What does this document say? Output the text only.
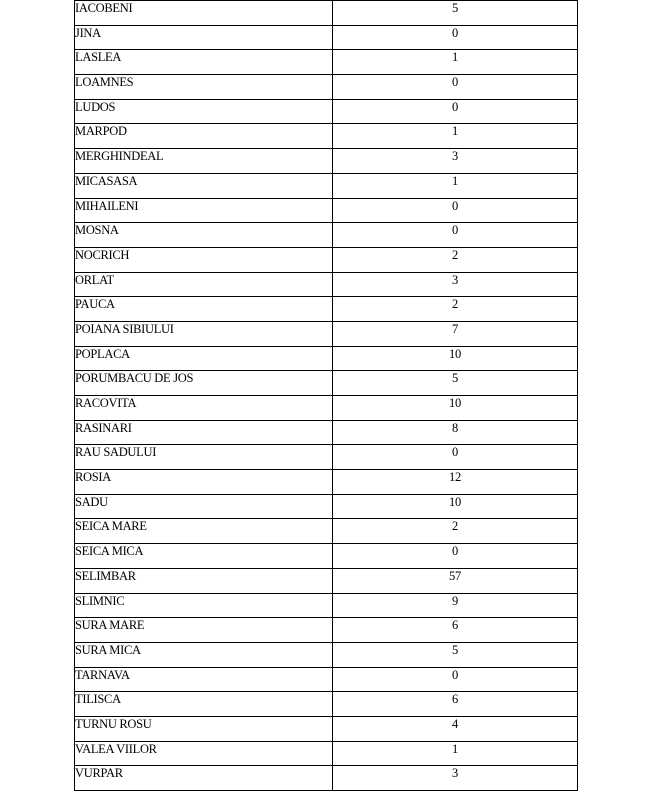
IACOBENI	5
JINA	0
LASLEA	1
LOAMNES	0
LUDOS	0
MARPOD	1
MERGHINDEAL	3
MICASASA	1
MIHAILENI	0
MOSNA	0
NOCRICH	2
ORLAT	3
PAUCA	2
POIANA SIBIULUI	7
POPLACA	10
PORUMBACU DE JOS	5
RACOVITA	10
RASINARI	8
RAU SADULUI	0
ROSIA	12
SADU	10
SEICA MARE	2
SEICA MICA	0
SELIMBAR	57
SLIMNIC	9
SURA MARE	6
SURA MICA	5
TARNAVA	0
TILISCA	6
TURNU ROSU	4
VALEA VIILOR	1
VURPAR	3
